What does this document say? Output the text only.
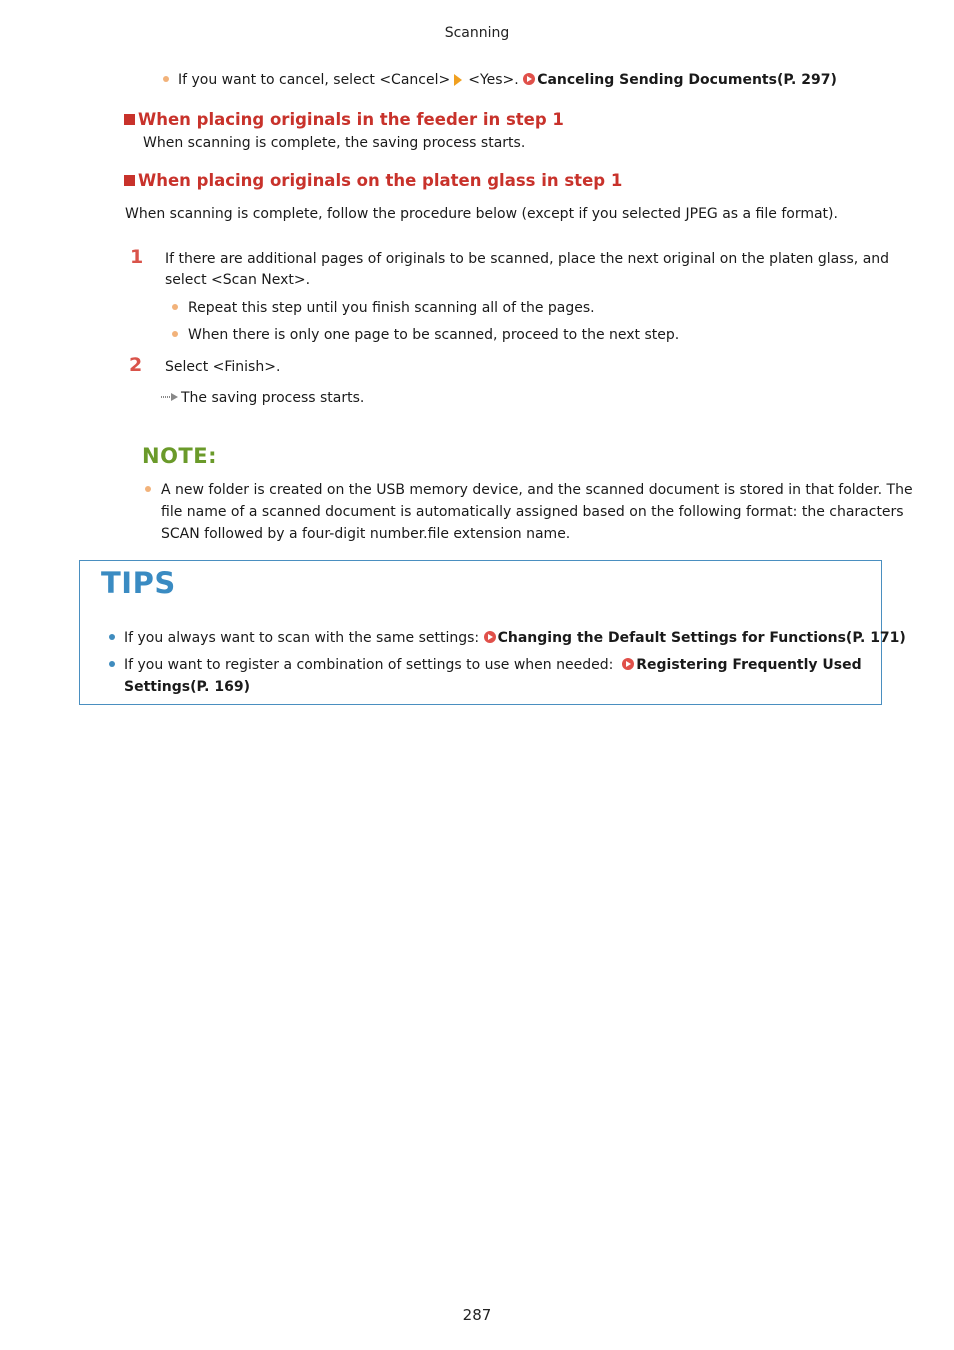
Scanning
If you want to cancel, select <Cancel> <Yes>. Canceling Sending Documents(P. 297)
When placing originals in the feeder in step 1
When scanning is complete, the saving process starts.
When placing originals on the platen glass in step 1
When scanning is complete, follow the procedure below (except if you selected JPEG as a file format).
1 If there are additional pages of originals to be scanned, place the next original on the platen glass, and
select <Scan Next>.
Repeat this step until you finish scanning all of the pages.
When there is only one page to be scanned, proceed to the next step.
2 Select <Finish>.
The saving process starts.
NOTE:
A new folder is created on the USB memory device, and the scanned document is stored in that folder. The
file name of a scanned document is automatically assigned based on the following format: the characters
SCAN followed by a four-digit number.file extension name.
TIPS
If you always want to scan with the same settings: Changing the Default Settings for Functions(P. 171)
If you want to register a combination of settings to use when needed: Registering Frequently Used
Settings(P. 169)
287
